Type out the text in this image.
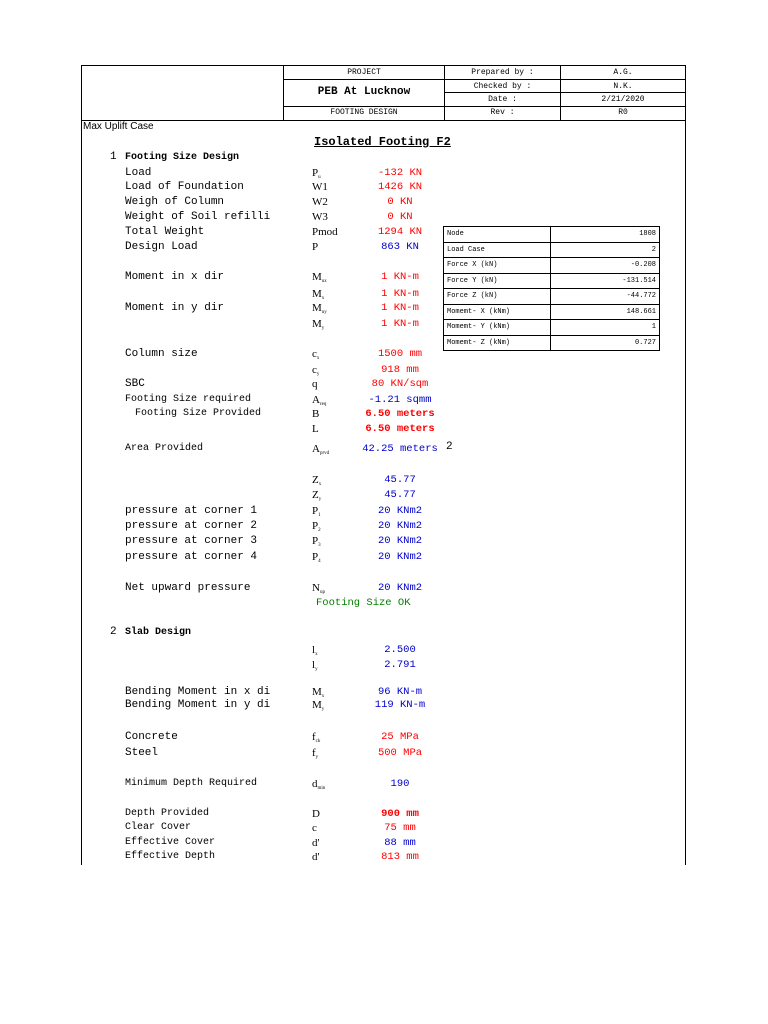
PROJECT
PEB At Lucknow
FOOTING DESIGN
Prepared by :	A.G.
Checked by :	N.K.
Date :	2/21/2020
Rev :	R0
Max Uplift Case
Isolated Footing F2
1 Footing Size Design
Load	$P_u$	-132 KN
Load of Foundation	W1	1426 KN
Weigh of Column	W2	0 KN
Weight of Soil refilli	W3	0 KN
Total Weight	Pmod	1294 KN
Design Load	P	863 KN
Moment in x dir	$M_{ux}$	1 KN-m
$M_x$	1 KN-m
Moment in y dir	$M_{uy}$	1 KN-m
$M_y$	1 KN-m
Column size	$c_x$	1500 mm
$c_y$	918 mm
SBC	q	80 KN/sqm
Footing Size required	$A_{req}$	-1.21 sqmm
Footing Size Provided	B	6.50 meters
L	6.50 meters
Area Provided	$A_{prvd}$	42.25 meters
$Z_x$	45.77
$Z_y$	45.77
pressure at corner 1	$P_1$	20 KNm2
pressure at corner 2	$P_2$	20 KNm2
pressure at corner 3	$P_3$	20 KNm2
pressure at corner 4	$P_4$	20 KNm2
Net upward pressure	$N_{up}$	20 KNm2
2
Footing Size OK
2 Slab Design
$l_x$	2.500
$l_y$	2.791
Bending Moment in x di	$M_x$	96 KN-m
Bending Moment in y di	$M_y$	119 KN-m
Concrete	$f_{ck}$	25 MPa
Steel	$f_y$	500 MPa
Minimum Depth Required	$d_{min}$	190
Depth Provided	D	900 mm
Clear Cover	c	75 mm
Effective Cover	d'	88 mm
Effective Depth	d'	813 mm
Node	1808
Load Case	2
Force X (kN)	-0.208
Force Y (kN)	-131.514
Force Z (kN)	-44.772
Momemt- X (kNm)	148.661
Momemt- Y (kNm)	1
Momemt- Z (kNm)	0.727
